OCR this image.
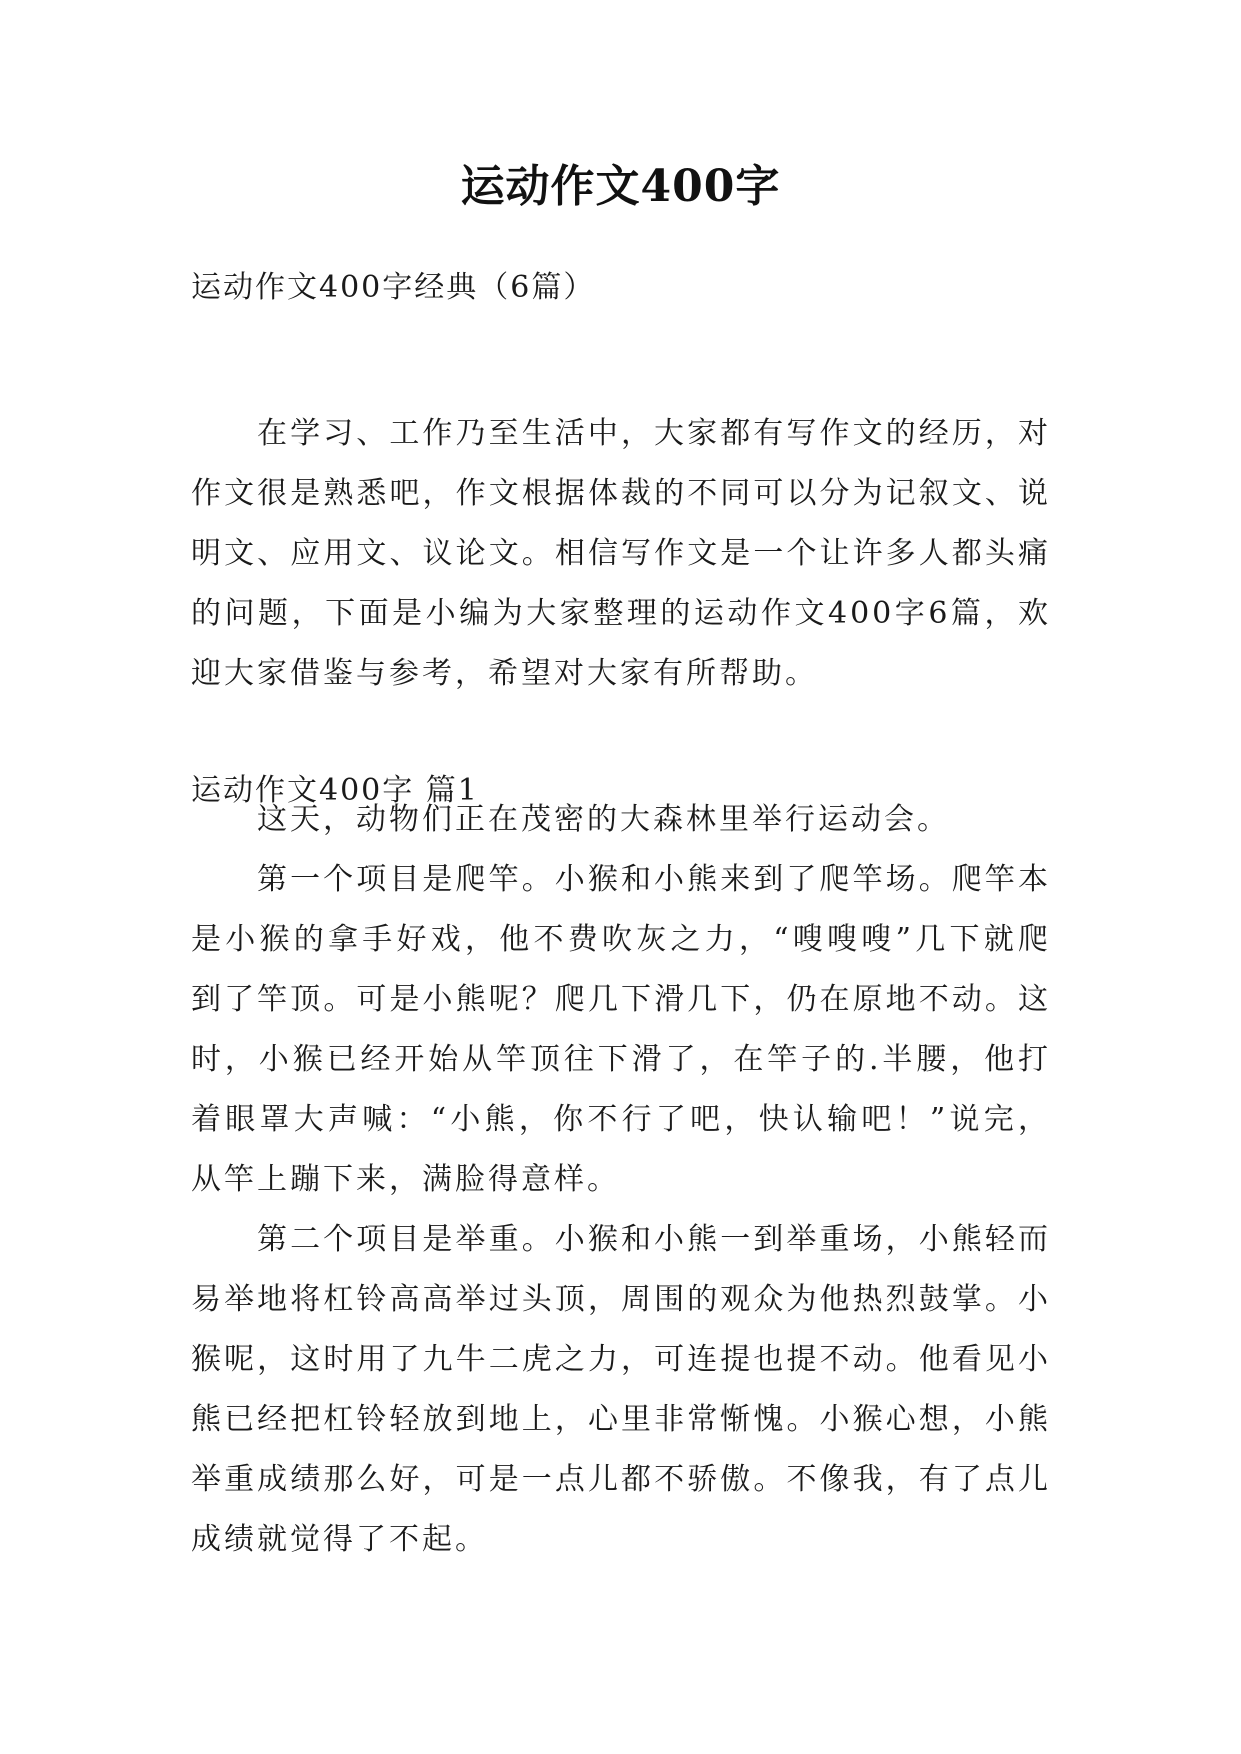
运动作文400字

运动作文400字经典（6篇）

在学习、工作乃至生活中，大家都有写作文的经历，对作文很是熟悉吧，作文根据体裁的不同可以分为记叙文、说明文、应用文、议论文。相信写作文是一个让许多人都头痛的问题，下面是小编为大家整理的运动作文400字6篇，欢迎大家借鉴与参考，希望对大家有所帮助。

运动作文400字 篇1

这天，动物们正在茂密的大森林里举行运动会。

第一个项目是爬竿。小猴和小熊来到了爬竿场。爬竿本是小猴的拿手好戏，他不费吹灰之力，“嗖嗖嗖”几下就爬到了竿顶。可是小熊呢？爬几下滑几下，仍在原地不动。这时，小猴已经开始从竿顶往下滑了，在竿子的.半腰，他打着眼罩大声喊：“小熊，你不行了吧，快认输吧！”说完，从竿上蹦下来，满脸得意样。

第二个项目是举重。小猴和小熊一到举重场，小熊轻而易举地将杠铃高高举过头顶，周围的观众为他热烈鼓掌。小猴呢，这时用了九牛二虎之力，可连提也提不动。他看见小熊已经把杠铃轻放到地上，心里非常惭愧。小猴心想，小熊举重成绩那么好，可是一点儿都不骄傲。不像我，有了点儿成绩就觉得了不起。
